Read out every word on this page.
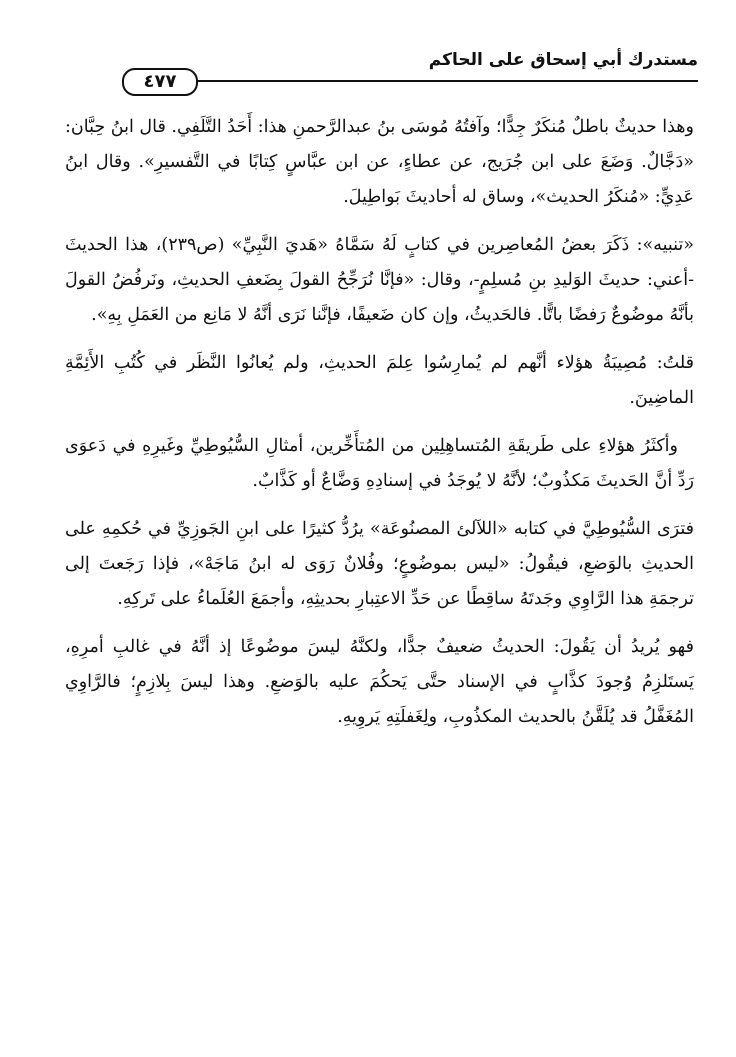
مستدرك أبي إسحاق على الحاكم
٤٧٧

وهذا حديثٌ باطلٌ مُنكَرٌ جِدًّا؛ وآفتُهُ مُوسَى بنُ عبدالرَّحمنِ هذا: أَحَدُ التَّلَفِي. قال ابنُ حِبَّان: «دَجَّالٌ. وَضَعَ على ابن جُرَيج، عن عطاءٍ، عن ابن عبَّاسٍ كِتابًا في التَّفسيرِ». وقال ابنُ عَدِيٍّ: «مُنكَرُ الحديث»، وساق له أحاديثَ بَواطِيلَ.

«تنبيه»: ذَكَرَ بعضُ المُعاصِرين في كتابٍ لَهُ سَمَّاهُ «هَديَ النَّبِيِّ» (ص٢٣٩)، هذا الحديثَ -أعني: حديثَ الوَليدِ بنِ مُسلِمٍ-، وقال: «فإنَّا نُرَجِّحُ القولَ بِضَعفِ الحديثِ، ونَرفُضُ القولَ بأنَّهُ موضُوعٌ رَفضًا باتًّا. فالحَديثُ، وإن كان ضَعيفًا، فإنَّنا نَرَى أنَّهُ لا مَانِع من العَمَلِ بِهِ».

قلتُ: مُصِيبَةُ هؤلاء أنَّهم لم يُمارِسُوا عِلمَ الحديثِ، ولم يُعانُوا النَّظَر في كُتُبِ الأَئِمَّةِ الماضِينَ.

وأكثَرُ هؤلاءِ على طَريقَةِ المُتساهِلِين من المُتأَخِّرين، أمثالِ السُّيُوطِيِّ وغَيرِهِ في دَعوَى رَدِّ أنَّ الحَديثَ مَكذُوبٌ؛ لأنَّهُ لا يُوجَدُ في إسنادِهِ وَضَّاعٌ أو كَذَّابٌ.

فترَى السُّيُوطِيَّ في كتابه «اللآلئ المصنُوعَة» يرُدُّ كثيرًا على ابنِ الجَوزِيِّ في حُكمِهِ على الحديثِ بالوَضعِ، فيقُولُ: «ليس بموضُوعٍ؛ وفُلانٌ رَوَى له ابنُ مَاجَهْ»، فإذا رَجَعتَ إلى ترجمَةِ هذا الرَّاوِي وجَدتَهُ ساقِطًا عن حَدِّ الاعتِبارِ بحديثِهِ، وأجمَعَ العُلَماءُ على تَركِهِ.

فهو يُريدُ أن يَقُولَ: الحديثُ ضعيفٌ جدًّا، ولكنَّهُ ليسَ موضُوعًا إذ أنَّهُ في غالبِ أمرِهِ، يَستَلزِمُ وُجودَ كذَّابٍ في الإسناد حتَّى يَحكُمَ عليه بالوَضعِ. وهذا ليسَ بِلازِمٍ؛ فالرَّاوِي المُغَفَّلُ قد يُلَقَّنُ بالحديث المكذُوبِ، ولِغَفلَتِهِ يَروِيهِ.
